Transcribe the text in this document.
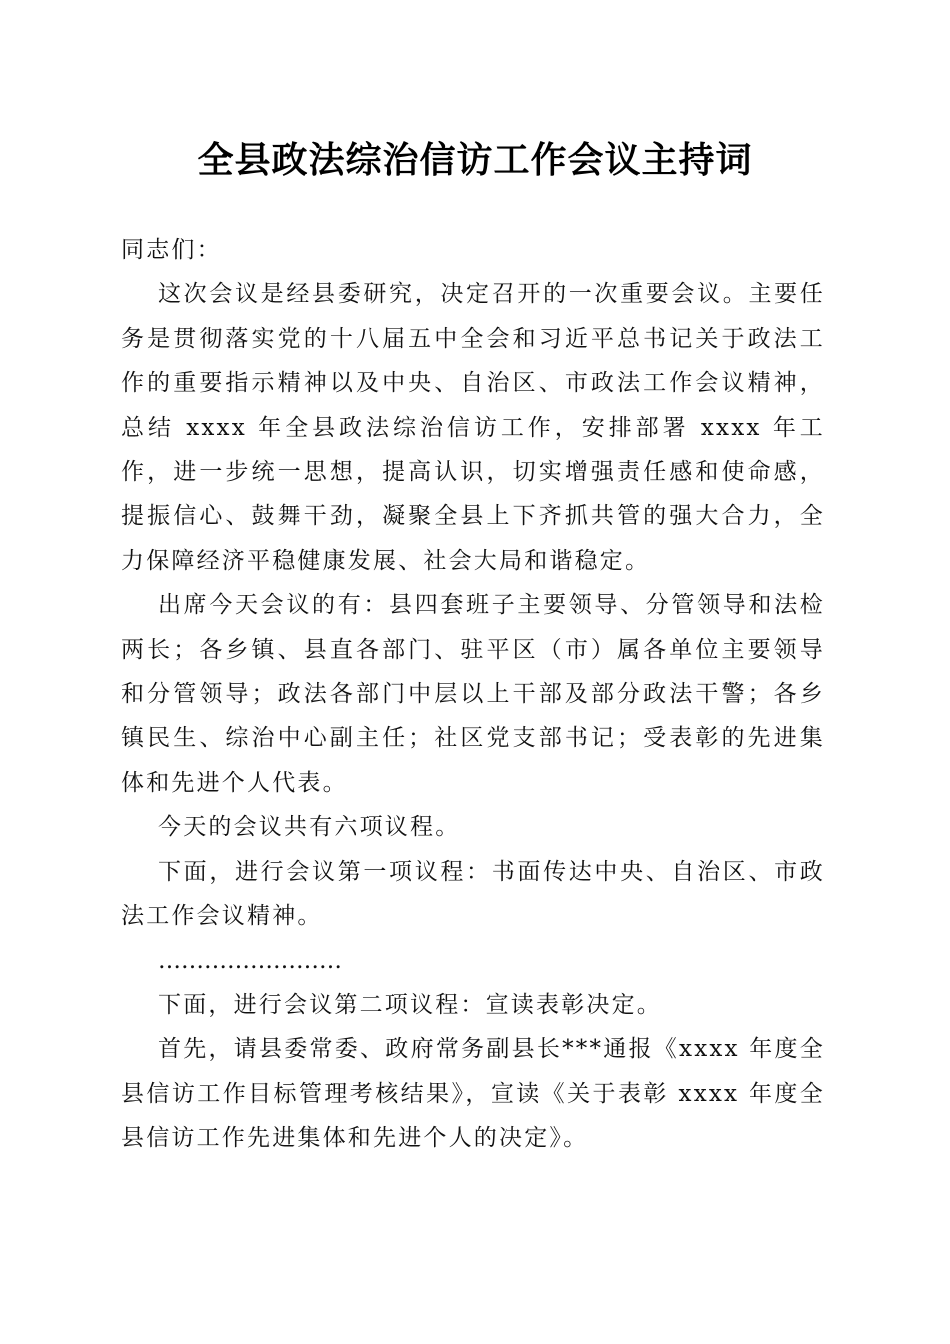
全县政法综治信访工作会议主持词

同志们：

这次会议是经县委研究，决定召开的一次重要会议。主要任务是贯彻落实党的十八届五中全会和习近平总书记关于政法工作的重要指示精神以及中央、自治区、市政法工作会议精神，总结 xxxx 年全县政法综治信访工作，安排部署 xxxx 年工作，进一步统一思想，提高认识，切实增强责任感和使命感，提振信心、鼓舞干劲，凝聚全县上下齐抓共管的强大合力，全力保障经济平稳健康发展、社会大局和谐稳定。

出席今天会议的有：县四套班子主要领导、分管领导和法检两长；各乡镇、县直各部门、驻平区（市）属各单位主要领导和分管领导；政法各部门中层以上干部及部分政法干警；各乡镇民生、综治中心副主任；社区党支部书记；受表彰的先进集体和先进个人代表。

今天的会议共有六项议程。

下面，进行会议第一项议程：书面传达中央、自治区、市政法工作会议精神。

……………………

下面，进行会议第二项议程：宣读表彰决定。

首先，请县委常委、政府常务副县长***通报《xxxx 年度全县信访工作目标管理考核结果》，宣读《关于表彰 xxxx 年度全县信访工作先进集体和先进个人的决定》。
